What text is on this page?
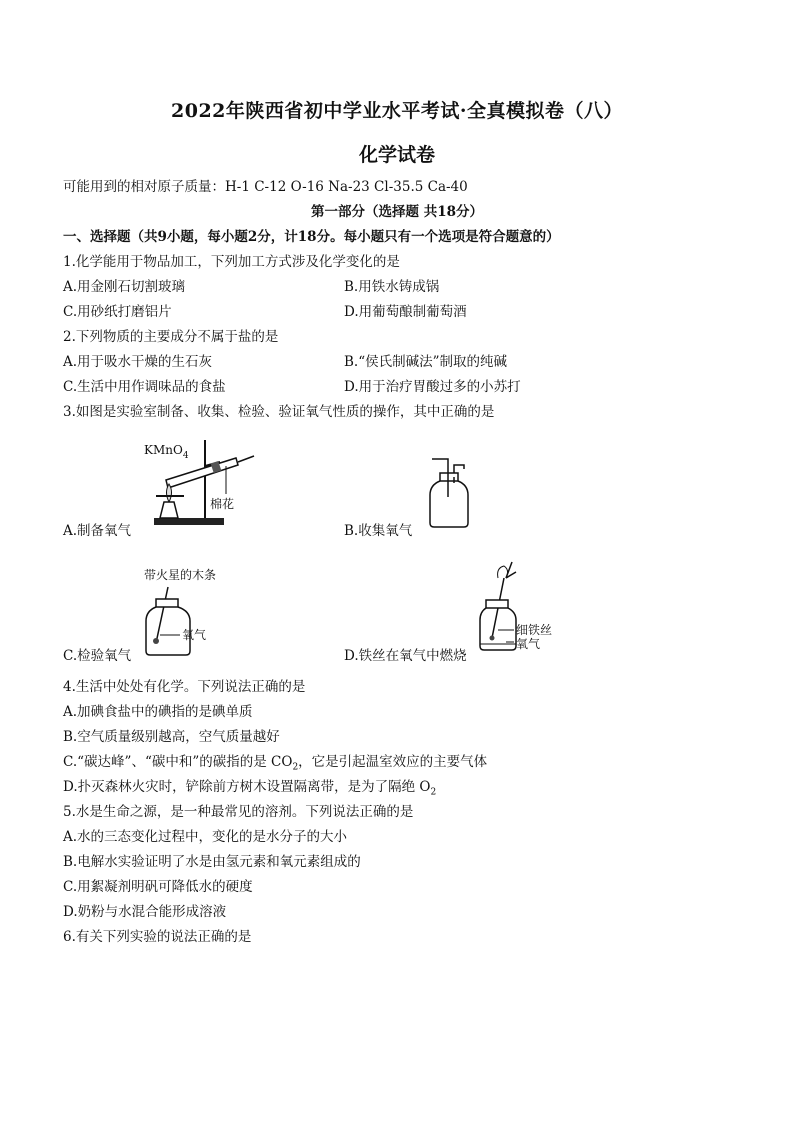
2022年陕西省初中学业水平考试·全真模拟卷（八）
化学试卷
可能用到的相对原子质量：H-1 C-12 O-16 Na-23 Cl-35.5 Ca-40
第一部分（选择题 共18分）
一、选择题（共9小题，每小题2分，计18分。每小题只有一个选项是符合题意的）
1.化学能用于物品加工，下列加工方式涉及化学变化的是
A.用金刚石切割玻璃	B.用铁水铸成锅
C.用砂纸打磨铝片	D.用葡萄酿制葡萄酒
2.下列物质的主要成分不属于盐的是
A.用于吸水干燥的生石灰	B.“侯氏制碱法”制取的纯碱
C.生活中用作调味品的食盐	D.用于治疗胃酸过多的小苏打
3.如图是实验室制备、收集、检验、验证氧气性质的操作，其中正确的是
KMnO$_4$
棉花
A.制备氧气	B.收集氧气
带火星的木条
氧气
C.检验氧气
细铁丝
氧气
D.铁丝在氧气中燃烧
4.生活中处处有化学。下列说法正确的是
A.加碘食盐中的碘指的是碘单质
B.空气质量级别越高，空气质量越好
C.“碳达峰”、“碳中和”的碳指的是 $CO_2$，它是引起温室效应的主要气体
D.扑灭森林火灾时，铲除前方树木设置隔离带，是为了隔绝 $O_2$
5.水是生命之源，是一种最常见的溶剂。下列说法正确的是
A.水的三态变化过程中，变化的是水分子的大小
B.电解水实验证明了水是由氢元素和氧元素组成的
C.用絮凝剂明矾可降低水的硬度
D.奶粉与水混合能形成溶液
6.有关下列实验的说法正确的是
